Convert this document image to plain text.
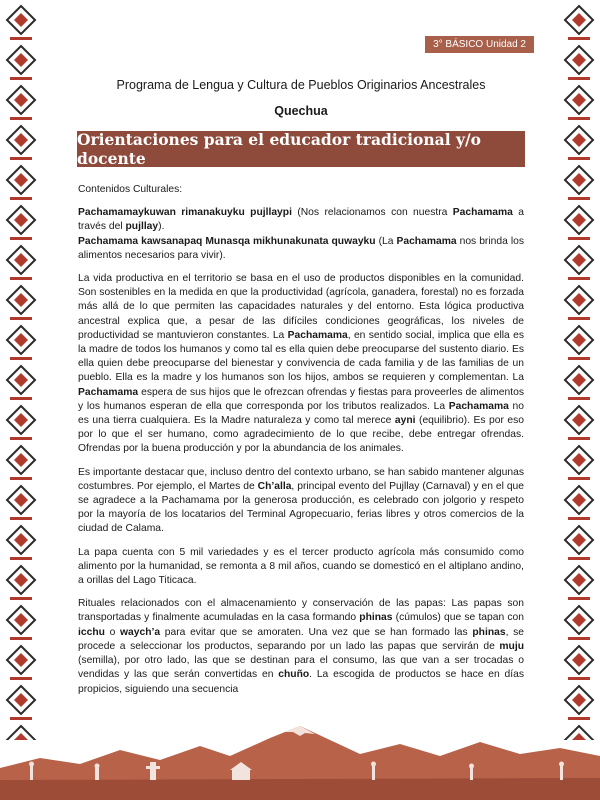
3° BÁSICO Unidad 2

Programa de Lengua y Cultura de Pueblos Originarios Ancestrales

Quechua

Orientaciones para el educador tradicional y/o docente

Contenidos Culturales:

Pachamamaykuwan rimanakuyku pujllaypi (Nos relacionamos con nuestra Pachamama a través del pujllay).

Pachamama kawsanapaq Munasqa mikhunakunata quwayku (La Pachamama nos brinda los alimentos necesarios para vivir).

La vida productiva en el territorio se basa en el uso de productos disponibles en la comunidad. Son sostenibles en la medida en que la productividad (agrícola, ganadera, forestal) no es forzada más allá de lo que permiten las capacidades naturales y del entorno. Esta lógica productiva ancestral explica que, a pesar de las difíciles condiciones geográficas, los niveles de productividad se mantuvieron constantes. La Pachamama, en sentido social, implica que ella es la madre de todos los humanos y como tal es ella quien debe preocuparse del sustento diario. Es ella quien debe preocuparse del bienestar y convivencia de cada familia y de las familias de un pueblo. Ella es la madre y los humanos son los hijos, ambos se requieren y complementan. La Pachamama espera de sus hijos que le ofrezcan ofrendas y fiestas para proveerles de alimentos y los humanos esperan de ella que corresponda por los tributos realizados. La Pachamama no es una tierra cualquiera. Es la Madre naturaleza y como tal merece ayni (equilibrio). Es por eso por lo que el ser humano, como agradecimiento de lo que recibe, debe entregar ofrendas. Ofrendas por la buena producción y por la abundancia de los animales.

Es importante destacar que, incluso dentro del contexto urbano, se han sabido mantener algunas costumbres. Por ejemplo, el Martes de Ch’alla, principal evento del Pujllay (Carnaval) y en el que se agradece a la Pachamama por la generosa producción, es celebrado con jolgorio y respeto por la mayoría de los locatarios del Terminal Agropecuario, ferias libres y otros comercios de la ciudad de Calama.

La papa cuenta con 5 mil variedades y es el tercer producto agrícola más consumido como alimento por la humanidad, se remonta a 8 mil años, cuando se domesticó en el altiplano andino, a orillas del Lago Titicaca.

Rituales relacionados con el almacenamiento y conservación de las papas: Las papas son transportadas y finalmente acumuladas en la casa formando phinas (cúmulos) que se tapan con icchu o waych’a para evitar que se amoraten. Una vez que se han formado las phinas, se procede a seleccionar los productos, separando por un lado las papas que servirán de muju (semilla), por otro lado, las que se destinan para el consumo, las que van a ser trocadas o vendidas y las que serán convertidas en chuño. La escogida de productos se hace en días propicios, siguiendo una secuencia
